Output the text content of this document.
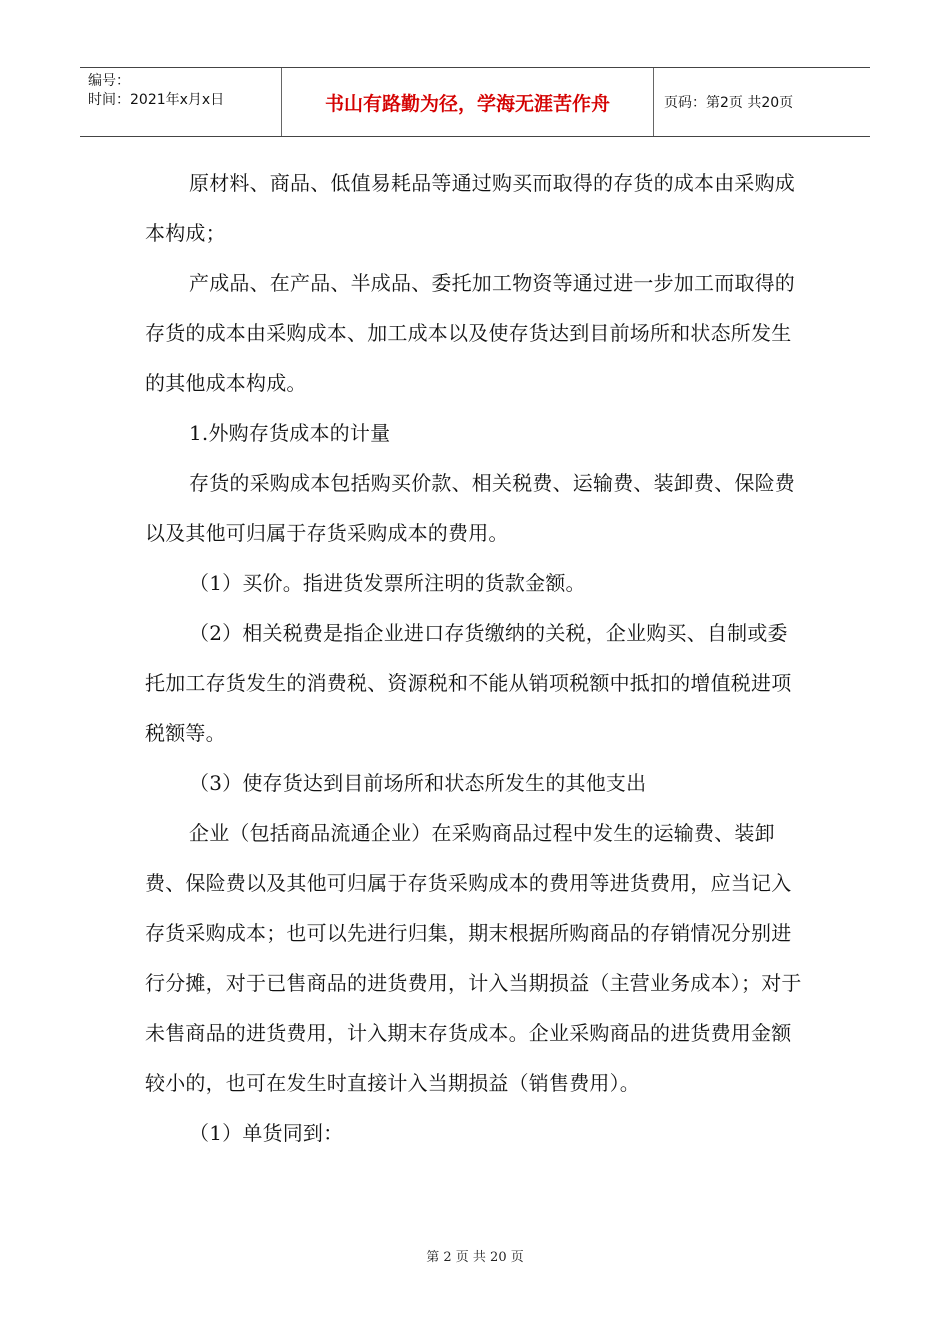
编号：
时间：2021年x月x日	书山有路勤为径，学海无涯苦作舟	页码：第2页 共20页

原材料、商品、低值易耗品等通过购买而取得的存货的成本由采购成本构成；

产成品、在产品、半成品、委托加工物资等通过进一步加工而取得的存货的成本由采购成本、加工成本以及使存货达到目前场所和状态所发生的其他成本构成。

1.外购存货成本的计量

存货的采购成本包括购买价款、相关税费、运输费、装卸费、保险费以及其他可归属于存货采购成本的费用。

（1）买价。指进货发票所注明的货款金额。

（2）相关税费是指企业进口存货缴纳的关税，企业购买、自制或委托加工存货发生的消费税、资源税和不能从销项税额中抵扣的增值税进项税额等。

（3）使存货达到目前场所和状态所发生的其他支出

企业（包括商品流通企业）在采购商品过程中发生的运输费、装卸费、保险费以及其他可归属于存货采购成本的费用等进货费用，应当记入存货采购成本；也可以先进行归集，期末根据所购商品的存销情况分别进行分摊，对于已售商品的进货费用，计入当期损益（主营业务成本）；对于未售商品的进货费用，计入期末存货成本。企业采购商品的进货费用金额较小的，也可在发生时直接计入当期损益（销售费用）。

（1）单货同到：

第 2 页 共 20 页
